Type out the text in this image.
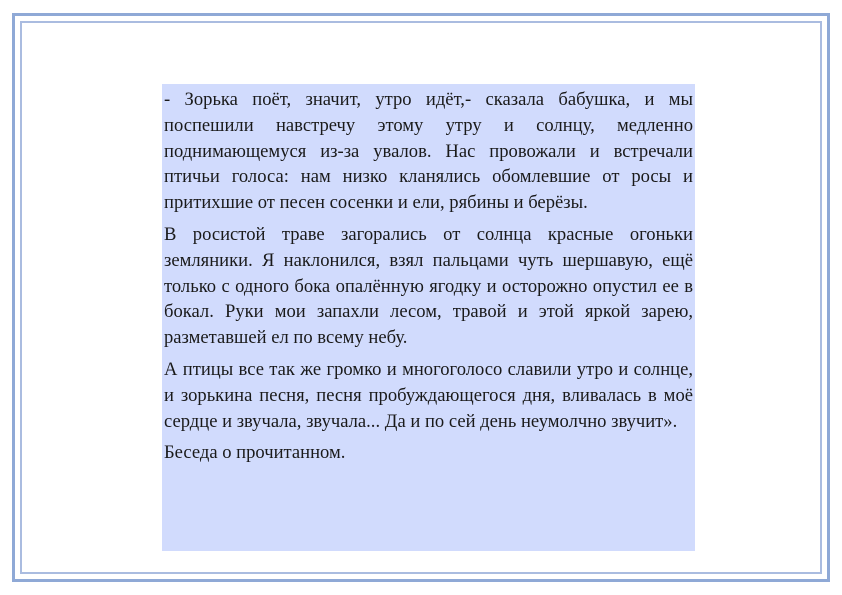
- Зорька поёт, значит, утро идёт,- сказала бабушка, и мы поспешили навстречу этому утру и солнцу, медленно поднимающемуся из-за увалов. Нас провожали и встречали птичьи голоса: нам низко кланялись обомлевшие от росы и притихшие от песен сосенки и ели, рябины и берёзы.

В росистой траве загорались от солнца красные огоньки земляники. Я наклонился, взял пальцами чуть шершавую, ещё только с одного бока опалённую ягодку и осторожно опустил ее в бокал. Руки мои запахли лесом, травой и этой яркой зарею, разметавшей ел по всему небу.

А птицы все так же громко и многоголосо славили утро и солнце, и зорькина песня, песня пробуждающегося дня, вливалась в моё сердце и звучала, звучала... Да и по сей день неумолчно звучит».

Беседа о прочитанном.
